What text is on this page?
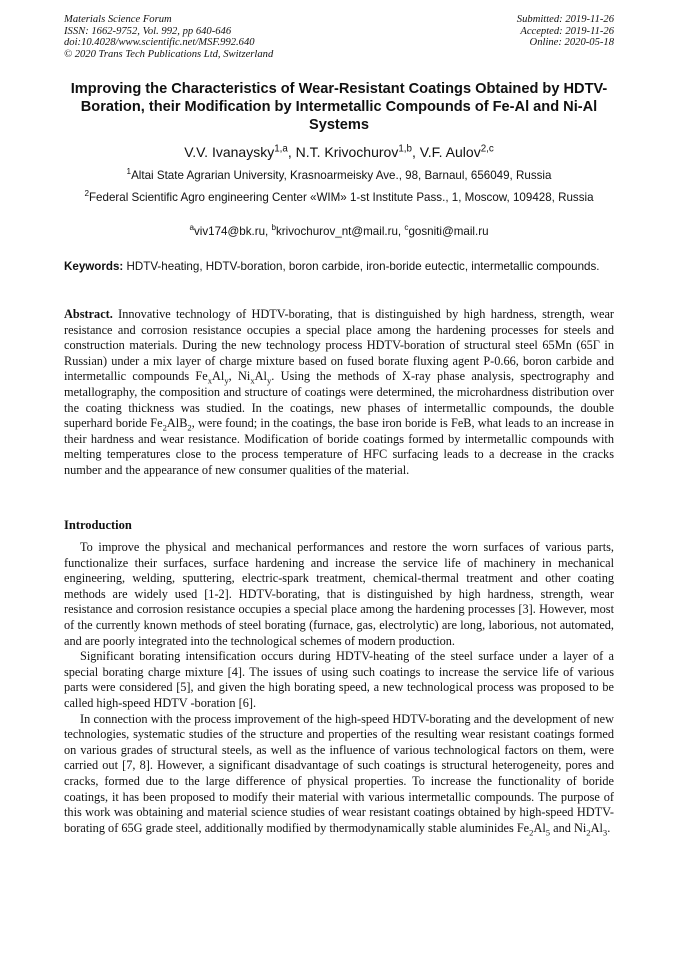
Materials Science Forum
ISSN: 1662-9752, Vol. 992, pp 640-646
doi:10.4028/www.scientific.net/MSF.992.640
© 2020 Trans Tech Publications Ltd, Switzerland
Submitted: 2019-11-26
Accepted: 2019-11-26
Online: 2020-05-18
Improving the Characteristics of Wear-Resistant Coatings Obtained by HDTV-Boration, their Modification by Intermetallic Compounds of Fe-Al and Ni-Al Systems
V.V. Ivanaysky$^{1,a}$, N.T. Krivochurov$^{1,b}$, V.F. Aulov$^{2,c}$
$^1$Altai State Agrarian University, Krasnoarmeisky Ave., 98, Barnaul, 656049, Russia
$^2$Federal Scientific Agro engineering Center «WIM» 1-st Institute Pass., 1, Moscow, 109428, Russia
$^a$viv174@bk.ru, $^b$krivochurov_nt@mail.ru, $^c$gosniti@mail.ru
Keywords: HDTV-heating, HDTV-boration, boron carbide, iron-boride eutectic, intermetallic compounds.
Abstract. Innovative technology of HDTV-borating, that is distinguished by high hardness, strength, wear resistance and corrosion resistance occupies a special place among the hardening processes for steels and construction materials. During the new technology process HDTV-boration of structural steel 65Mn (65Г in Russian) under a mix layer of charge mixture based on fused borate fluxing agent P-0.66, boron carbide and intermetallic compounds $Fe_xAl_y$, $Ni_xAl_y$. Using the methods of X-ray phase analysis, spectrography and metallography, the composition and structure of coatings were determined, the microhardness distribution over the coating thickness was studied. In the coatings, new phases of intermetallic compounds, the double superhard boride $Fe_2AlB_2$, were found; in the coatings, the base iron boride is FeB, what leads to an increase in their hardness and wear resistance. Modification of boride coatings formed by intermetallic compounds with melting temperatures close to the process temperature of HFC surfacing leads to a decrease in the cracks number and the appearance of new consumer qualities of the material.
Introduction

To improve the physical and mechanical performances and restore the worn surfaces of various parts, functionalize their surfaces, surface hardening and increase the service life of machinery in mechanical engineering, welding, sputtering, electric-spark treatment, chemical-thermal treatment and other coating methods are widely used [1-2]. HDTV-borating, that is distinguished by high hardness, strength, wear resistance and corrosion resistance occupies a special place among the hardening processes [3]. However, most of the currently known methods of steel borating (furnace, gas, electrolytic) are long, laborious, not automated, and are poorly integrated into the technological schemes of modern production.

Significant borating intensification occurs during HDTV-heating of the steel surface under a layer of a special borating charge mixture [4]. The issues of using such coatings to increase the service life of various parts were considered [5], and given the high borating speed, a new technological process was proposed to be called high-speed HDTV -boration [6].

In connection with the process improvement of the high-speed HDTV-borating and the development of new technologies, systematic studies of the structure and properties of the resulting wear resistant coatings formed on various grades of structural steels, as well as the influence of various technological factors on them, were carried out [7, 8]. However, a significant disadvantage of such coatings is structural heterogeneity, pores and cracks, formed due to the large difference of physical properties. To increase the functionality of boride coatings, it has been proposed to modify their material with various intermetallic compounds. The purpose of this work was obtaining and material science studies of wear resistant coatings obtained by high-speed HDTV-borating of 65G grade steel, additionally modified by thermodynamically stable aluminides $Fe_2Al_5$ and $Ni_2Al_3$.
